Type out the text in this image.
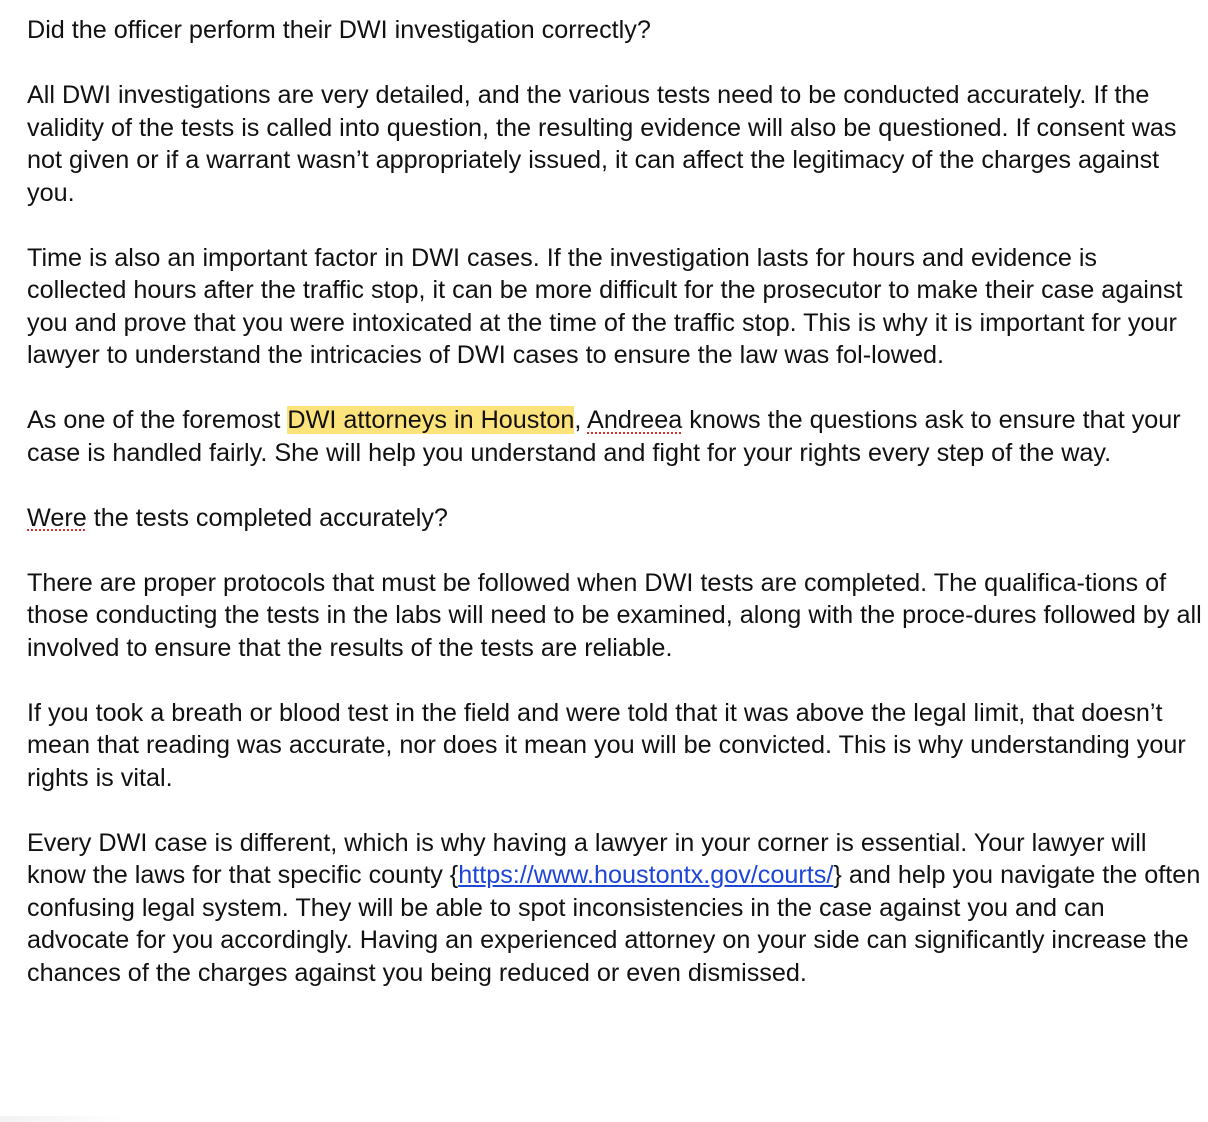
Did the officer perform their DWI investigation correctly?

All DWI investigations are very detailed, and the various tests need to be conducted accurately. If the validity of the tests is called into question, the resulting evidence will also be questioned. If consent was not given or if a warrant wasn’t appropriately issued, it can affect the legitimacy of the charges against you.

Time is also an important factor in DWI cases. If the investigation lasts for hours and evidence is collected hours after the traffic stop, it can be more difficult for the prosecutor to make their case against you and prove that you were intoxicated at the time of the traffic stop. This is why it is important for your lawyer to understand the intricacies of DWI cases to ensure the law was fol-lowed.

As one of the foremost DWI attorneys in Houston, Andreea knows the questions ask to ensure that your case is handled fairly. She will help you understand and fight for your rights every step of the way.

Were the tests completed accurately?

There are proper protocols that must be followed when DWI tests are completed. The qualifica-tions of those conducting the tests in the labs will need to be examined, along with the proce-dures followed by all involved to ensure that the results of the tests are reliable.

If you took a breath or blood test in the field and were told that it was above the legal limit, that doesn’t mean that reading was accurate, nor does it mean you will be convicted. This is why understanding your rights is vital.

Every DWI case is different, which is why having a lawyer in your corner is essential. Your lawyer will know the laws for that specific county {https://www.houstontx.gov/courts/} and help you navigate the often confusing legal system. They will be able to spot inconsistencies in the case against you and can advocate for you accordingly. Having an experienced attorney on your side can significantly increase the chances of the charges against you being reduced or even dismissed.
